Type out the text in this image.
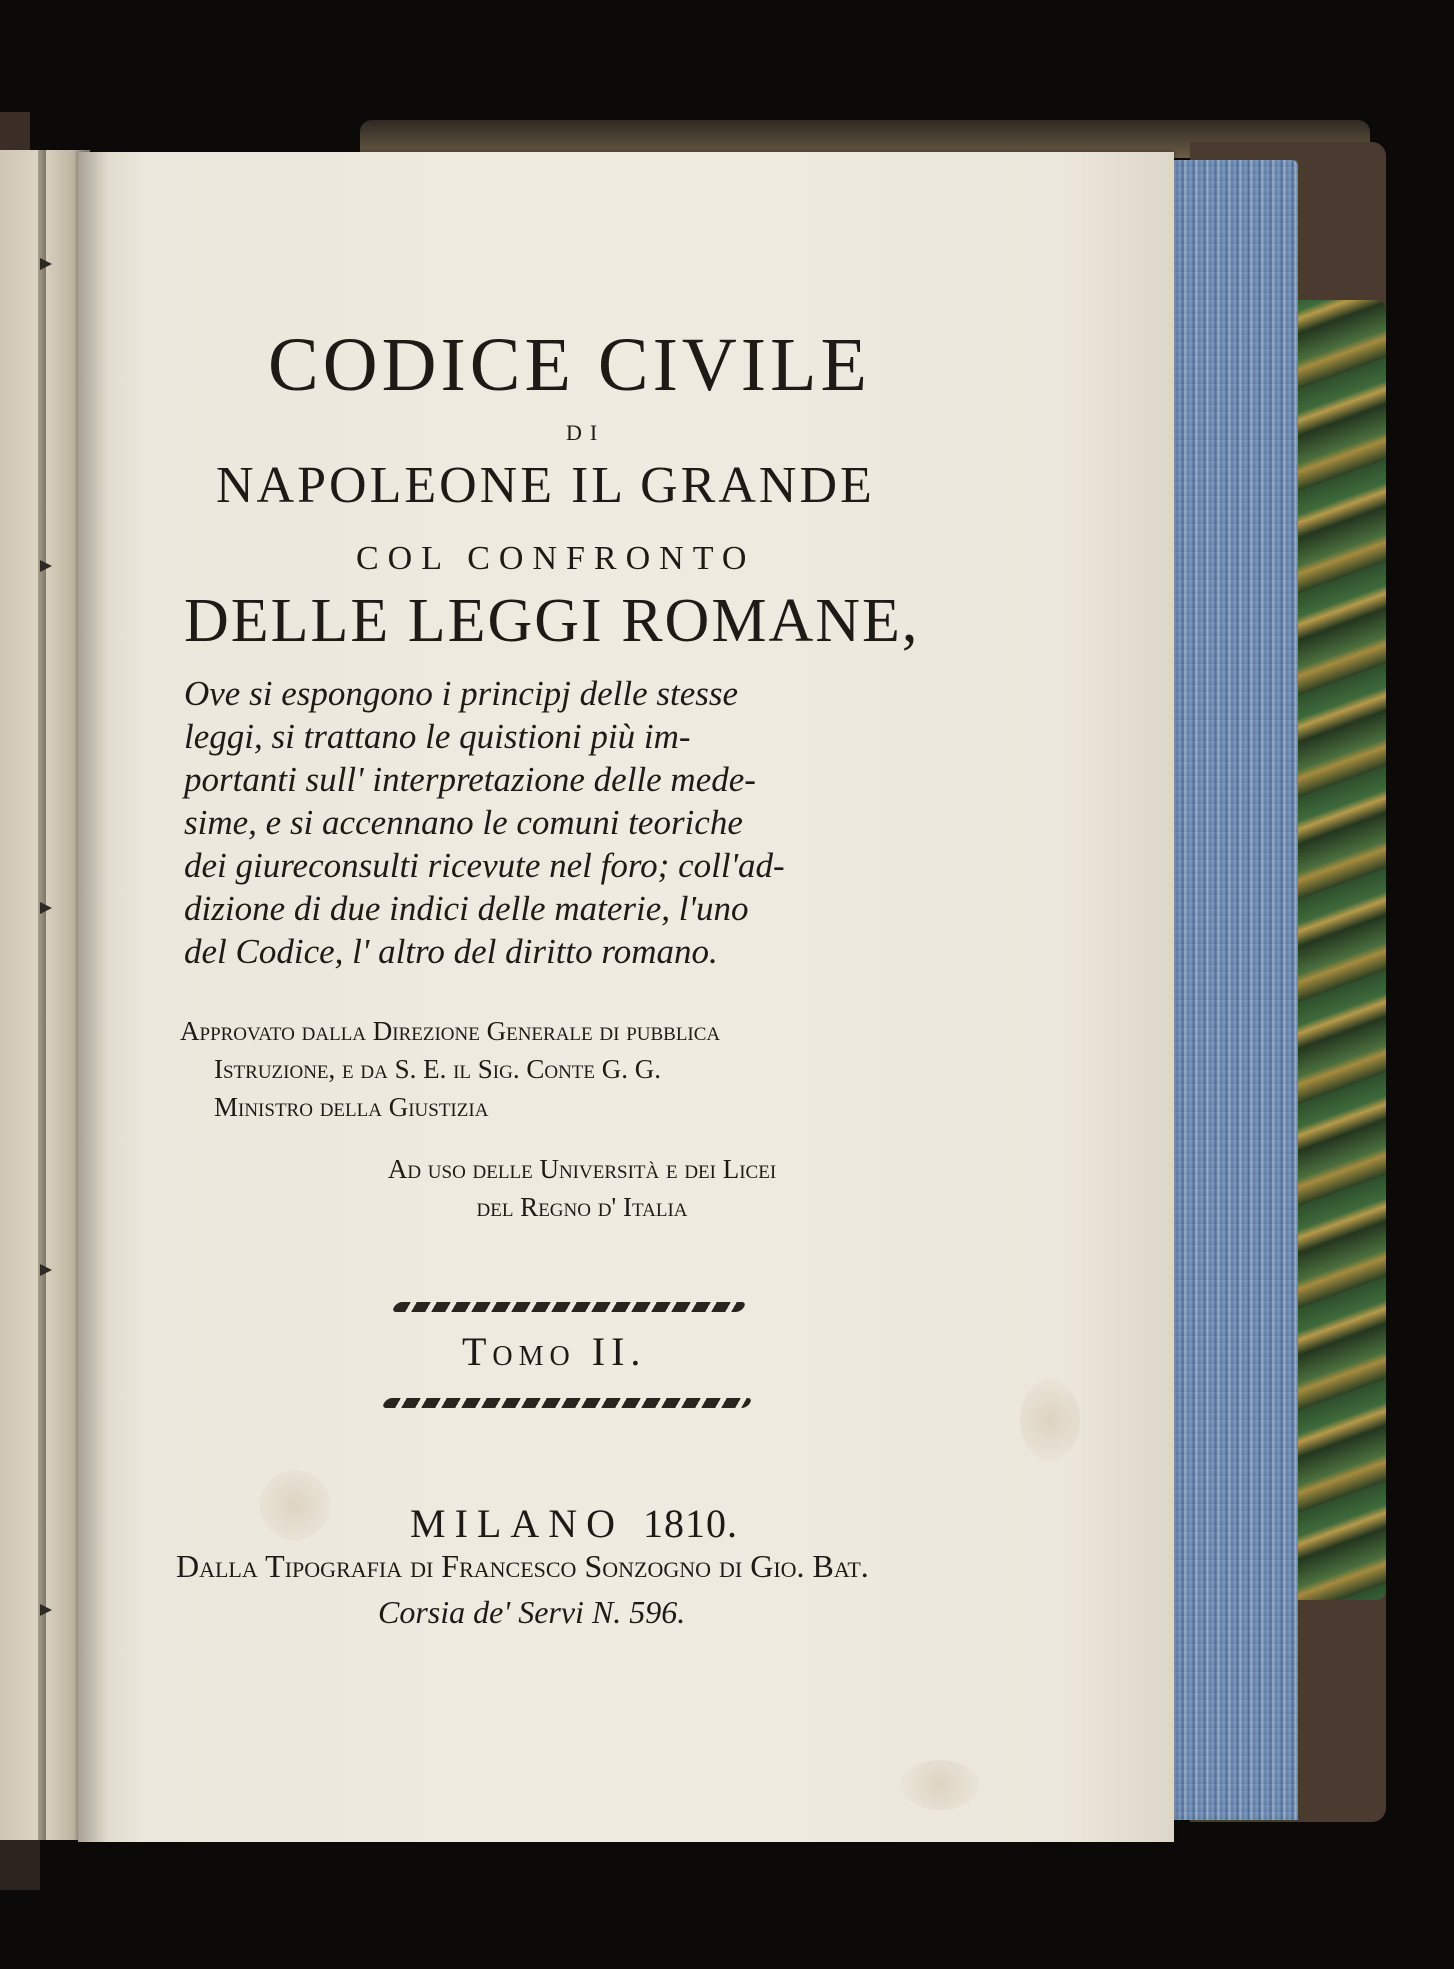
CODICE CIVILE

DI

NAPOLEONE IL GRANDE

COL CONFRONTO

DELLE LEGGI ROMANE,

Ove si espongono i principj delle stesse
leggi, si trattano le quistioni più im-
portanti sull' interpretazione delle mede-
sime, e si accennano le comuni teoriche
dei giureconsulti ricevute nel foro; coll'ad-
dizione di due indici delle materie, l'uno
del Codice, l' altro del diritto romano.
Approvato dalla Direzione Generale di pubblica
Istruzione, e da S. E. il Sig. Conte G. G.
Ministro della Giustizia
Ad uso delle Università e dei Licei
del Regno d' Italia

Tomo II.

MILANO 1810.

Dalla Tipografia di Francesco Sonzogno di Gio. Bat.

Corsia de' Servi N. 596.
